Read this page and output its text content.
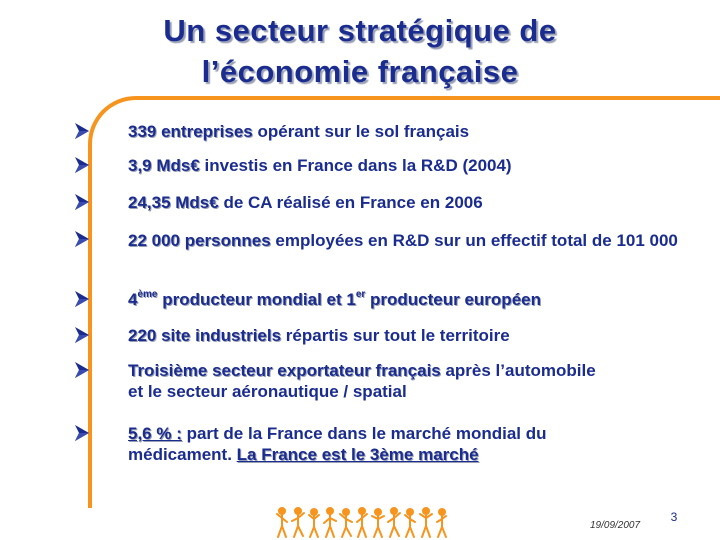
Un secteur stratégique de
l’économie française
339 entreprises opérant sur le sol français
3,9 Mds€ investis en France dans la R&D (2004)
24,35 Mds€ de CA réalisé en France en 2006
22 000 personnes employées en R&D sur un effectif total de 101 000
4ème producteur mondial et 1er producteur européen
220 site industriels répartis sur tout le territoire
Troisième secteur exportateur français après l’automobile et le secteur aéronautique / spatial
5,6 % : part de la France dans le marché mondial du médicament. La France est le 3ème marché
19/09/2007
3
